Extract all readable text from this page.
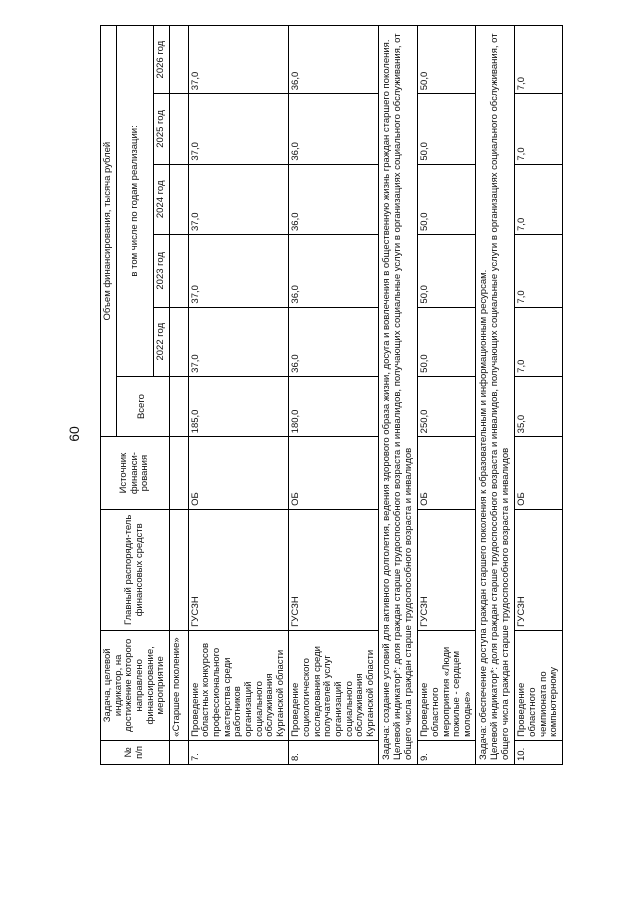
60
№ п/п	Задача, целевой индикатор, на достижение которого направлено финансирование, мероприятие	Главный распоряди-тель финансовых средств	Источник финанси-рования	Объем финансирования, тысяча рублей					
				Всего	в том числе по годам реализации:				
					2022 год	2023 год	2024 год	2025 год	2026 год
	«Старшее поколение»								
7.	Проведение областных конкурсов профессионального мастерства среди работников организаций социального обслуживания Курганской области	ГУСЗН	ОБ	185,0	37,0	37,0	37,0	37,0	37,0
8.	Проведение социологического исследования среди получателей услуг организаций социального обслуживания Курганской области	ГУСЗН	ОБ	180,0	36,0	36,0	36,0	36,0	36,0

Задача: создание условий для активного долголетия, ведения здорового образа жизни, досуга и вовлечения в общественную жизнь граждан старшего поколения. Целевой индикатор*: доля граждан старше трудоспособного возраста и инвалидов, получающих социальные услуги в организациях социального обслуживания, от общего числа граждан старше трудоспособного возраста и инвалидов									

9.	Проведение областного мероприятия «Люди пожилые - сердцем молодые»	ГУСЗН	ОБ	250,0	50,0	50,0	50,0	50,0	50,0

Задача: обеспечение доступа граждан старшего поколения к образовательным и информационным ресурсам. Целевой индикатор*: доля граждан старше трудоспособного возраста и инвалидов, получающих социальные услуги в организациях социального обслуживания, от общего числа граждан старше трудоспособного возраста и инвалидов									

10.	Проведение областного чемпионата по компьютерному	ГУСЗН	ОБ	35,0	7,0	7,0	7,0	7,0	7,0
